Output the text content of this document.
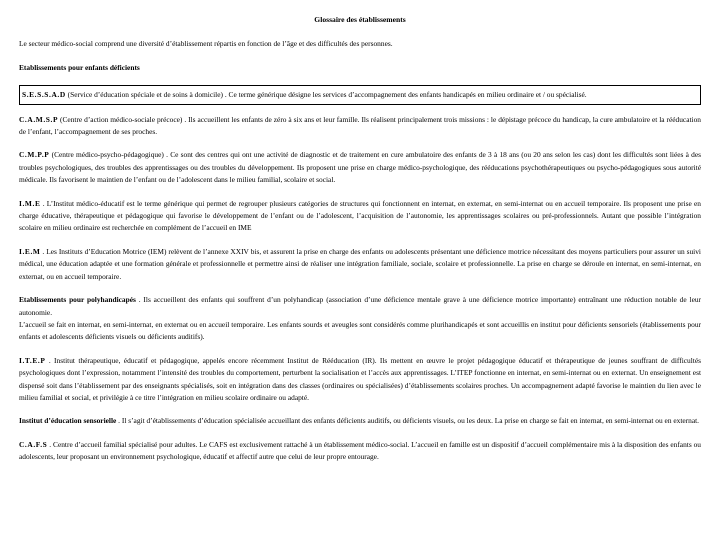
Glossaire des établissements

Le secteur médico-social comprend une diversité d’établissement répartis en fonction de l’âge et des difficultés des personnes.

Etablissements pour enfants déficients

S.E.S.S.A.D (Service d’éducation spéciale et de soins à domicile) . Ce terme générique désigne les services d’accompagnement des enfants handicapés en milieu ordinaire et / ou spécialisé.

C.A.M.S.P (Centre d’action médico-sociale précoce) . Ils accueillent les enfants de zéro à six ans et leur famille. Ils réalisent principalement trois missions : le dépistage précoce du handicap, la cure ambulatoire et la rééducation de l’enfant, l’accompagnement de ses proches.

C.M.P.P (Centre médico-psycho-pédagogique) . Ce sont des centres qui ont une activité de diagnostic et de traitement en cure ambulatoire des enfants de 3 à 18 ans (ou 20 ans selon les cas) dont les difficultés sont liées à des troubles psychologiques, des troubles des apprentissages ou des troubles du développement. Ils proposent une prise en charge médico-psychologique, des rééducations psychothérapeutiques ou psycho-pédagogiques sous autorité médicale. Ils favorisent le maintien de l’enfant ou de l’adolescent dans le milieu familial, scolaire et social.

I.M.E . L’Institut médico-éducatif est le terme générique qui permet de regrouper plusieurs catégories de structures qui fonctionnent en internat, en externat, en semi-internat ou en accueil temporaire. Ils proposent une prise en charge éducative, thérapeutique et pédagogique qui favorise le développement de l’enfant ou de l’adolescent, l’acquisition de l’autonomie, les apprentissages scolaires ou pré-professionnels. Autant que possible l’intégration scolaire en milieu ordinaire est recherchée en complément de l’accueil en IME

I.E.M . Les Instituts d’Education Motrice (IEM) relèvent de l’annexe XXIV bis, et assurent la prise en charge des enfants ou adolescents présentant une déficience motrice nécessitant des moyens particuliers pour assurer un suivi médical, une éducation adaptée et une formation générale et professionnelle et permettre ainsi de réaliser une intégration familiale, sociale, scolaire et professionnelle. La prise en charge se déroule en internat, en semi-internat, en externat, ou en accueil temporaire.

Etablissements pour polyhandicapés . Ils accueillent des enfants qui souffrent d’un polyhandicap (association d’une déficience mentale grave à une déficience motrice importante) entraînant une réduction notable de leur autonomie.

L’accueil se fait en internat, en semi-internat, en externat ou en accueil temporaire. Les enfants sourds et aveugles sont considérés comme plurihandicapés et sont accueillis en institut pour déficients sensoriels (établissements pour enfants et adolescents déficients visuels ou déficients auditifs).

I.T.E.P . Institut thérapeutique, éducatif et pédagogique, appelés encore récemment Institut de Rééducation (IR). Ils mettent en œuvre le projet pédagogique éducatif et thérapeutique de jeunes souffrant de difficultés psychologiques dont l’expression, notamment l’intensité des troubles du comportement, perturbent la socialisation et l’accès aux apprentissages. L’ITEP fonctionne en internat, en semi-internat ou en externat. Un enseignement est dispensé soit dans l’établissement par des enseignants spécialisés, soit en intégration dans des classes (ordinaires ou spécialisées) d’établissements scolaires proches. Un accompagnement adapté favorise le maintien du lien avec le milieu familial et social, et privilégie à ce titre l’intégration en milieu scolaire ordinaire ou adapté.

Institut d’éducation sensorielle . Il s’agit d’établissements d’éducation spécialisée accueillant des enfants déficients auditifs, ou déficients visuels, ou les deux. La prise en charge se fait en internat, en semi-internat ou en externat.

C.A.F.S . Centre d’accueil familial spécialisé pour adultes. Le CAFS est exclusivement rattaché à un établissement médico-social. L’accueil en famille est un dispositif d’accueil complémentaire mis à la disposition des enfants ou adolescents, leur proposant un environnement psychologique, éducatif et affectif autre que celui de leur propre entourage.
